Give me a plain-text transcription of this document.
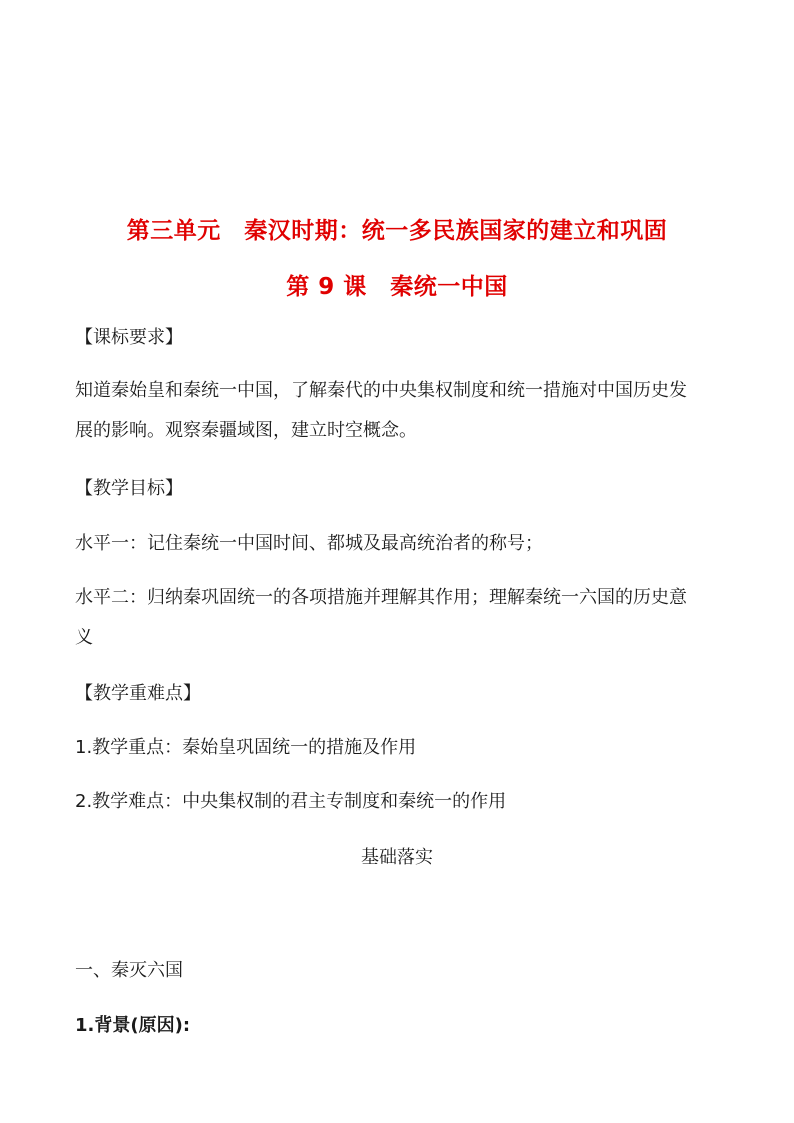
第三单元　秦汉时期：统一多民族国家的建立和巩固
第 9 课　秦统一中国
【课标要求】
知道秦始皇和秦统一中国，了解秦代的中央集权制度和统一措施对中国历史发
展的影响。观察秦疆域图，建立时空概念。
【教学目标】
水平一：记住秦统一中国时间、都城及最高统治者的称号；
水平二：归纳秦巩固统一的各项措施并理解其作用；理解秦统一六国的历史意
义
【教学重难点】
1.教学重点：秦始皇巩固统一的措施及作用
2.教学难点：中央集权制的君主专制度和秦统一的作用
基础落实
一、秦灭六国
1.背景(原因):
